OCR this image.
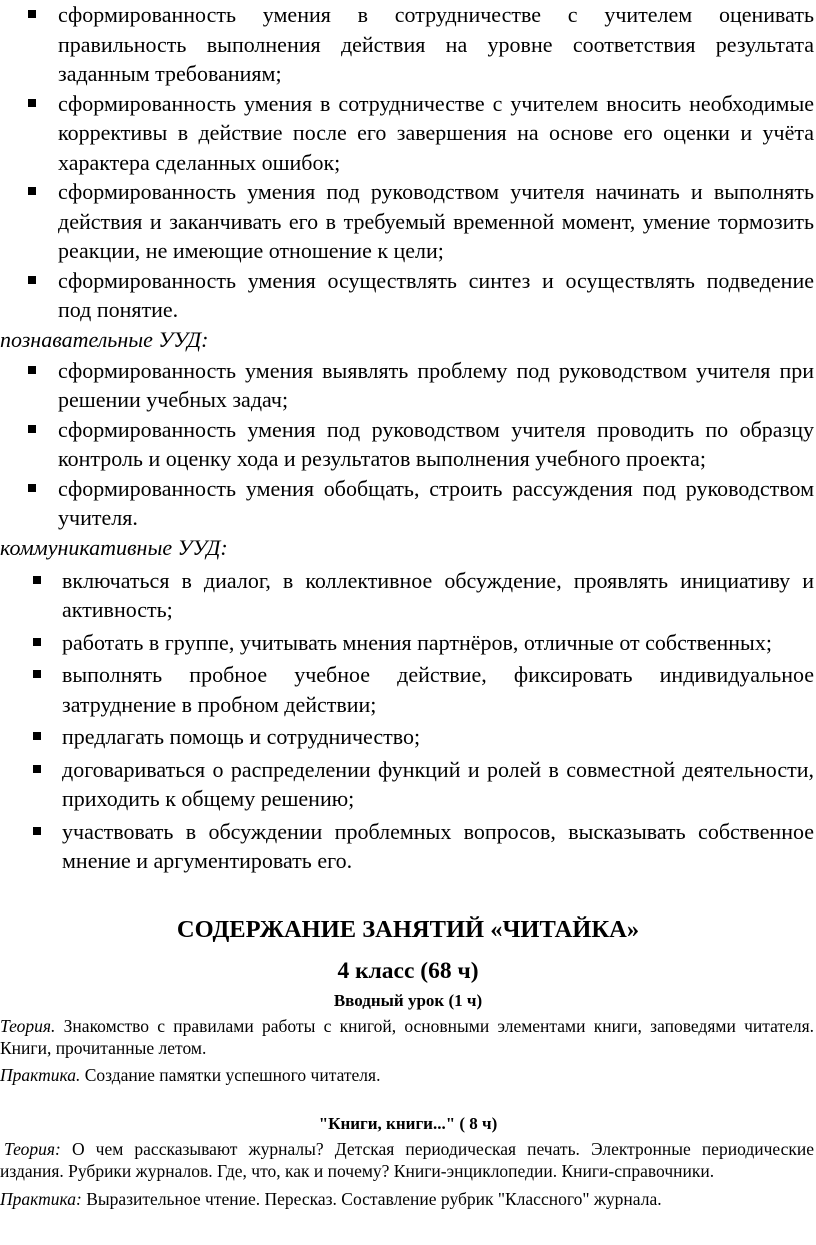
сформированность умения в сотрудничестве с учителем оценивать правильность выполнения действия на уровне соответствия результата заданным требованиям;
сформированность умения в сотрудничестве с учителем вносить необходимые коррективы в действие после его завершения на основе его оценки и учёта характера сделанных ошибок;
сформированность умения под руководством учителя начинать и выполнять действия и заканчивать его в требуемый временной момент, умение тормозить реакции, не имеющие отношение к цели;
сформированность умения осуществлять синтез и осуществлять подведение под понятие.

познавательные УУД:

сформированность умения выявлять проблему под руководством учителя при решении учебных задач;
сформированность умения под руководством учителя проводить по образцу контроль и оценку хода и результатов выполнения учебного проекта;
сформированность умения обобщать, строить рассуждения под руководством учителя.

коммуникативные УУД:

включаться в диалог, в коллективное обсуждение, проявлять инициативу и активность;
работать в группе, учитывать мнения партнёров, отличные от собственных;
выполнять пробное учебное действие, фиксировать индивидуальное затруднение в пробном действии;
предлагать помощь и сотрудничество;
договариваться о распределении функций и ролей в совместной деятельности, приходить к общему решению;
участвовать в обсуждении проблемных вопросов, высказывать собственное мнение и аргументировать его.
СОДЕРЖАНИЕ ЗАНЯТИЙ «ЧИТАЙКА»
4 класс (68 ч)
Вводный урок (1 ч)

Теория. Знакомство с правилами работы с книгой, основными элементами книги, заповедями читателя. Книги, прочитанные летом.

Практика. Создание памятки успешного читателя.

"Книги, книги..." ( 8 ч)

Теория: О чем рассказывают журналы? Детская периодическая печать. Электронные периодические издания. Рубрики журналов. Где, что, как и почему? Книги-энциклопедии. Книги-справочники.

Практика: Выразительное чтение. Пересказ. Составление рубрик "Классного" журнала.
